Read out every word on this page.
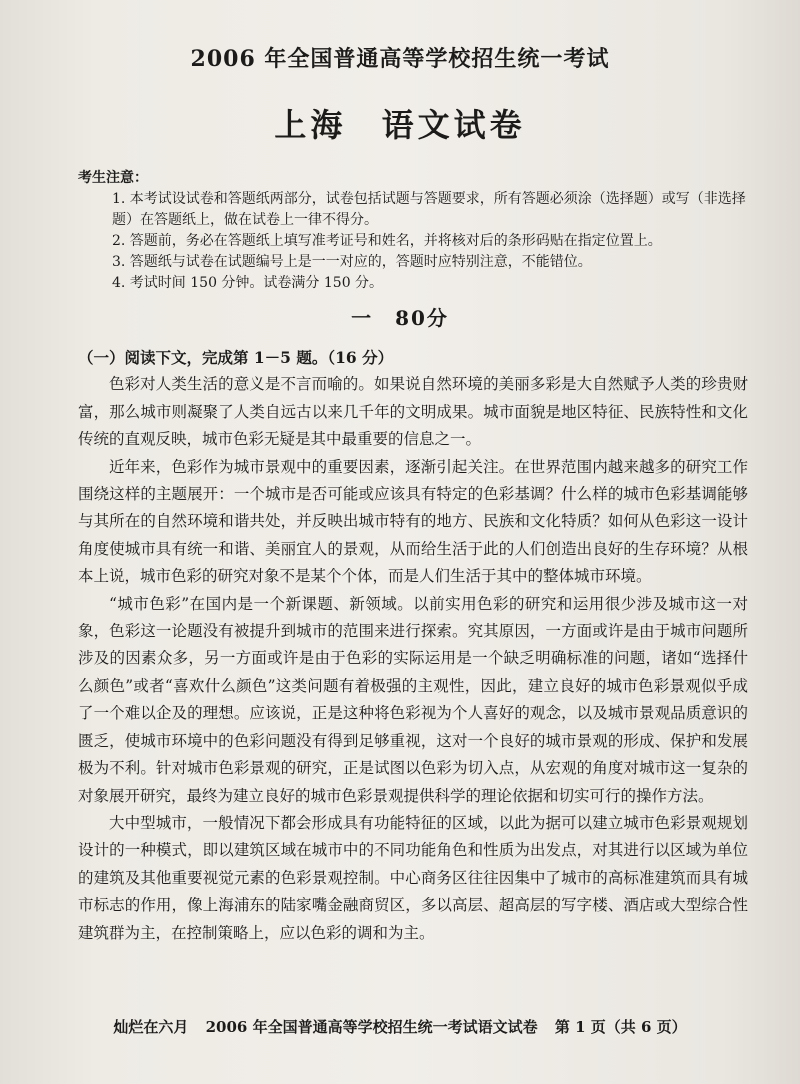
2006 年全国普通高等学校招生统一考试
上海 语文试卷

考生注意：

1. 本考试设试卷和答题纸两部分，试卷包括试题与答题要求，所有答题必须涂（选择题）或写（非选择题）在答题纸上，做在试卷上一律不得分。
2. 答题前，务必在答题纸上填写准考证号和姓名，并将核对后的条形码贴在指定位置上。
3. 答题纸与试卷在试题编号上是一一对应的，答题时应特别注意，不能错位。
4. 考试时间 150 分钟。试卷满分 150 分。
一　80分

（一）阅读下文，完成第 1－5 题。（16 分）

色彩对人类生活的意义是不言而喻的。如果说自然环境的美丽多彩是大自然赋予人类的珍贵财富，那么城市则凝聚了人类自远古以来几千年的文明成果。城市面貌是地区特征、民族特性和文化传统的直观反映，城市色彩无疑是其中最重要的信息之一。

近年来，色彩作为城市景观中的重要因素，逐渐引起关注。在世界范围内越来越多的研究工作围绕这样的主题展开：一个城市是否可能或应该具有特定的色彩基调？什么样的城市色彩基调能够与其所在的自然环境和谐共处，并反映出城市特有的地方、民族和文化特质？如何从色彩这一设计角度使城市具有统一和谐、美丽宜人的景观，从而给生活于此的人们创造出良好的生存环境？从根本上说，城市色彩的研究对象不是某个个体，而是人们生活于其中的整体城市环境。

“城市色彩”在国内是一个新课题、新领域。以前实用色彩的研究和运用很少涉及城市这一对象，色彩这一论题没有被提升到城市的范围来进行探索。究其原因，一方面或许是由于城市问题所涉及的因素众多，另一方面或许是由于色彩的实际运用是一个缺乏明确标准的问题，诸如“选择什么颜色”或者“喜欢什么颜色”这类问题有着极强的主观性，因此，建立良好的城市色彩景观似乎成了一个难以企及的理想。应该说，正是这种将色彩视为个人喜好的观念，以及城市景观品质意识的匮乏，使城市环境中的色彩问题没有得到足够重视，这对一个良好的城市景观的形成、保护和发展极为不利。针对城市色彩景观的研究，正是试图以色彩为切入点，从宏观的角度对城市这一复杂的对象展开研究，最终为建立良好的城市色彩景观提供科学的理论依据和切实可行的操作方法。

大中型城市，一般情况下都会形成具有功能特征的区域，以此为据可以建立城市色彩景观规划设计的一种模式，即以建筑区域在城市中的不同功能角色和性质为出发点，对其进行以区域为单位的建筑及其他重要视觉元素的色彩景观控制。中心商务区往往因集中了城市的高标准建筑而具有城市标志的作用，像上海浦东的陆家嘴金融商贸区，多以高层、超高层的写字楼、酒店或大型综合性建筑群为主，在控制策略上，应以色彩的调和为主。

灿烂在六月 2006 年全国普通高等学校招生统一考试语文试卷 第 1 页（共 6 页）
